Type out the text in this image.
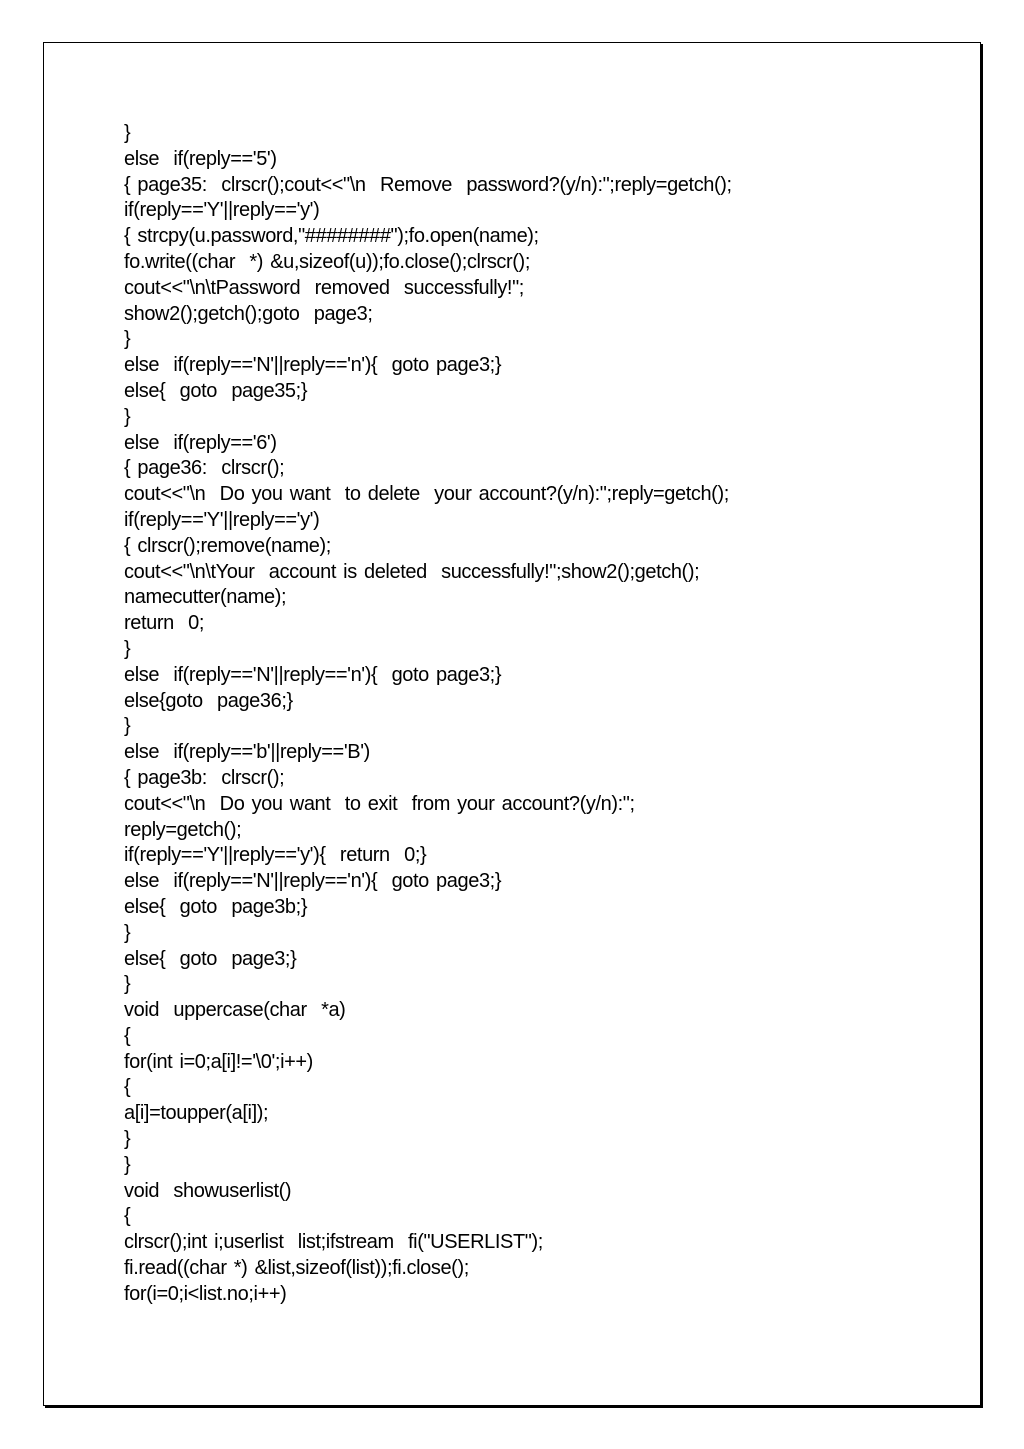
}
else  if(reply=='5')
{ page35:  clrscr();cout<<"\n  Remove  password?(y/n):";reply=getch();
if(reply=='Y'||reply=='y')
{ strcpy(u.password,"########");fo.open(name);
fo.write((char  *) &u,sizeof(u));fo.close();clrscr();
cout<<"\n\tPassword  removed  successfully!";
show2();getch();goto  page3;
}
else  if(reply=='N'||reply=='n'){  goto page3;}
else{  goto  page35;}
}
else  if(reply=='6')
{ page36:  clrscr();
cout<<"\n  Do you want  to delete  your account?(y/n):";reply=getch();
if(reply=='Y'||reply=='y')
{ clrscr();remove(name);
cout<<"\n\tYour  account is deleted  successfully!";show2();getch();
namecutter(name);
return  0;
}
else  if(reply=='N'||reply=='n'){  goto page3;}
else{goto  page36;}
}
else  if(reply=='b'||reply=='B')
{ page3b:  clrscr();
cout<<"\n  Do you want  to exit  from your account?(y/n):";
reply=getch();
if(reply=='Y'||reply=='y'){  return  0;}
else  if(reply=='N'||reply=='n'){  goto page3;}
else{  goto  page3b;}
}
else{  goto  page3;}
}
void  uppercase(char  *a)
{
for(int i=0;a[i]!='\0';i++)
{
a[i]=toupper(a[i]);
}
}
void  showuserlist()
{
clrscr();int i;userlist  list;ifstream  fi("USERLIST");
fi.read((char *) &list,sizeof(list));fi.close();
for(i=0;i<list.no;i++)
